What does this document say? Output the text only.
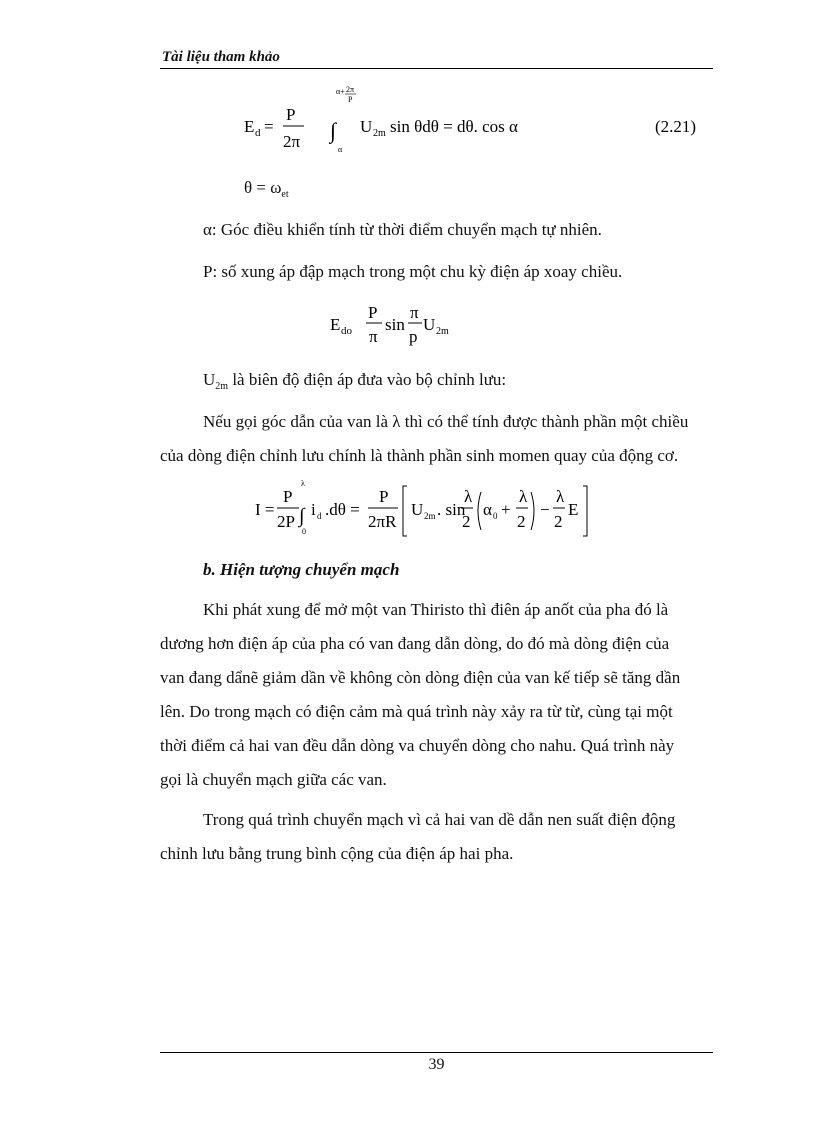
Tài liệu tham khảo
E d =
P
2π
α+ 2π
P
∫
α
U 2m sin θdθ = dθ. cos α	(2.21)
$\theta = \omega_{et}$
α: Góc điều khiển tính từ thời điểm chuyển mạch tự nhiên.
P: số xung áp đập mạch trong một chu kỳ điện áp xoay chiều.
E do
P
π
sin
π
p
U 2m
$U_{2m}$ là biên độ điện áp đưa vào bộ chỉnh lưu:
Nếu gọi góc dẫn của van là λ thì có thể tính được thành phần một chiều
của dòng điện chỉnh lưu chính là thành phần sinh momen quay của động cơ.
I =
P
2P
λ
∫
0
i d .dθ =
P
2πR
U 2m . sin
λ
2
α 0 +
λ
2
−
λ
2
E
b. Hiện tượng chuyển mạch
Khi phát xung để mở một van Thiristo thì điên áp anốt của pha đó là
dương hơn điện áp của pha có van đang dẫn dòng, do đó mà dòng điện của
van đang dẩnẽ giảm dần về không còn dòng điện của van kế tiếp sẽ tăng dần
lên. Do trong mạch có điện cảm mà quá trình này xảy ra từ từ, cùng tại một
thời điểm cả hai van đều dẫn dòng va chuyển dòng cho nahu. Quá trình này
gọi là chuyển mạch giữa các van.
Trong quá trình chuyển mạch vì cả hai van dề dẫn nen suất điện động
chỉnh lưu bằng trung bình cộng của điện áp hai pha.
39
